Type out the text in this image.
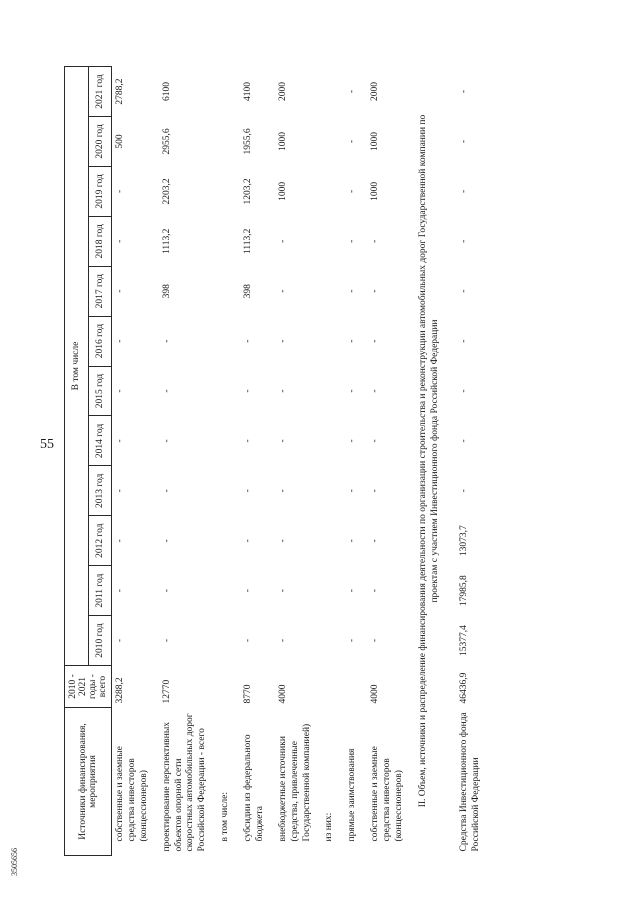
55
3505656
Источники финансирования, мероприятия	2010 - 2021 годы - всего	В том числе											
		2010 год	2011 год	2012 год	2013 год	2014 год	2015 год	2016 год	2017 год	2018 год	2019 год	2020 год	2021 год
собственные и заемные средства инвесторов (концессионеров)	3288,2	-	-	-	-	-	-	-	-	-	-	500	2788,2
проектирование перспективных объектов опорной сети скоростных автомобильных дорог Российской Федерации - всего	12770	-	-	-	-	-	-	-	398	1113,2	2203,2	2955,6	6100
в том числе:													
субсидии из федерального бюджета	8770	-	-	-	-	-	-	-	398	1113,2	1203,2	1955,6	4100
внебюджетные источники (средства, привлеченные Государственной компанией)	4000	-	-	-	-	-	-	-	-	-	1000	1000	2000
из них:													
прямые заимствования		-	-	-	-	-	-	-	-	-	-	-	-
собственные и заемные средства инвесторов (концессионеров)	4000	-	-	-	-	-	-	-	-	-	1000	1000	2000
II. Объем, источники и распределение финансирования деятельности по организации строительства и реконструкции автомобильных дорог Государственной компании по проектам с участием Инвестиционного фонда Российской Федерации													
Средства Инвестиционного фонда Российской Федерации	46436,9	15377,4	17985,8	13073,7	-	-	-	-	-	-	-	-	-
